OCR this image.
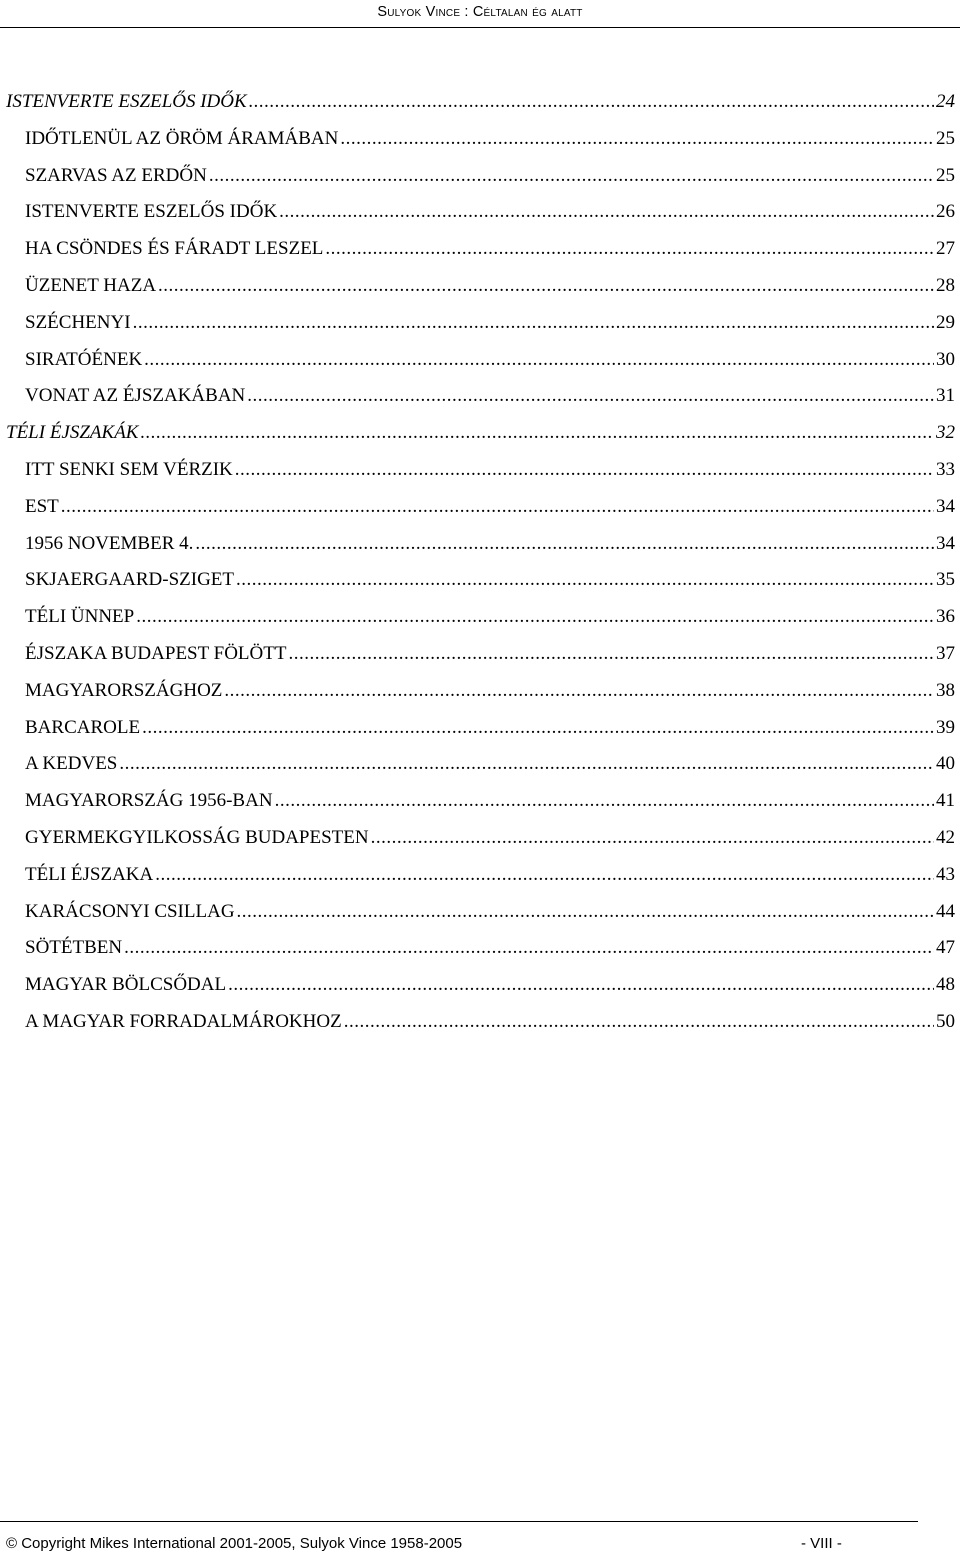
Sulyok Vince : Céltalan ég alatt
ISTENVERTE ESZELŐS IDŐK .....	24
IDŐTLENÜL AZ ÖRÖM ÁRAMÁBAN .....	25
SZARVAS AZ ERDŐN .....	25
ISTENVERTE ESZELŐS IDŐK .....	26
HA CSÖNDES ÉS FÁRADT LESZEL .....	27
ÜZENET HAZA .....	28
SZÉCHENYI .....	29
SIRATÓÉNEK .....	30
VONAT AZ ÉJSZAKÁBAN .....	31
TÉLI ÉJSZAKÁK .....	32
ITT SENKI SEM VÉRZIK .....	33
EST .....	34
1956 NOVEMBER 4. .....	34
SKJAERGAARD-SZIGET .....	35
TÉLI ÜNNEP .....	36
ÉJSZAKA BUDAPEST FÖLÖTT .....	37
MAGYARORSZÁGHOZ .....	38
BARCAROLE .....	39
A KEDVES .....	40
MAGYARORSZÁG 1956-BAN .....	41
GYERMEKGYILKOSSÁG BUDAPESTEN .....	42
TÉLI ÉJSZAKA .....	43
KARÁCSONYI CSILLAG .....	44
SÖTÉTBEN .....	47
MAGYAR BÖLCSŐDAL .....	48
A MAGYAR FORRADALMÁROKHOZ .....	50
© Copyright Mikes International 2001-2005, Sulyok Vince 1958-2005	- VIII -
